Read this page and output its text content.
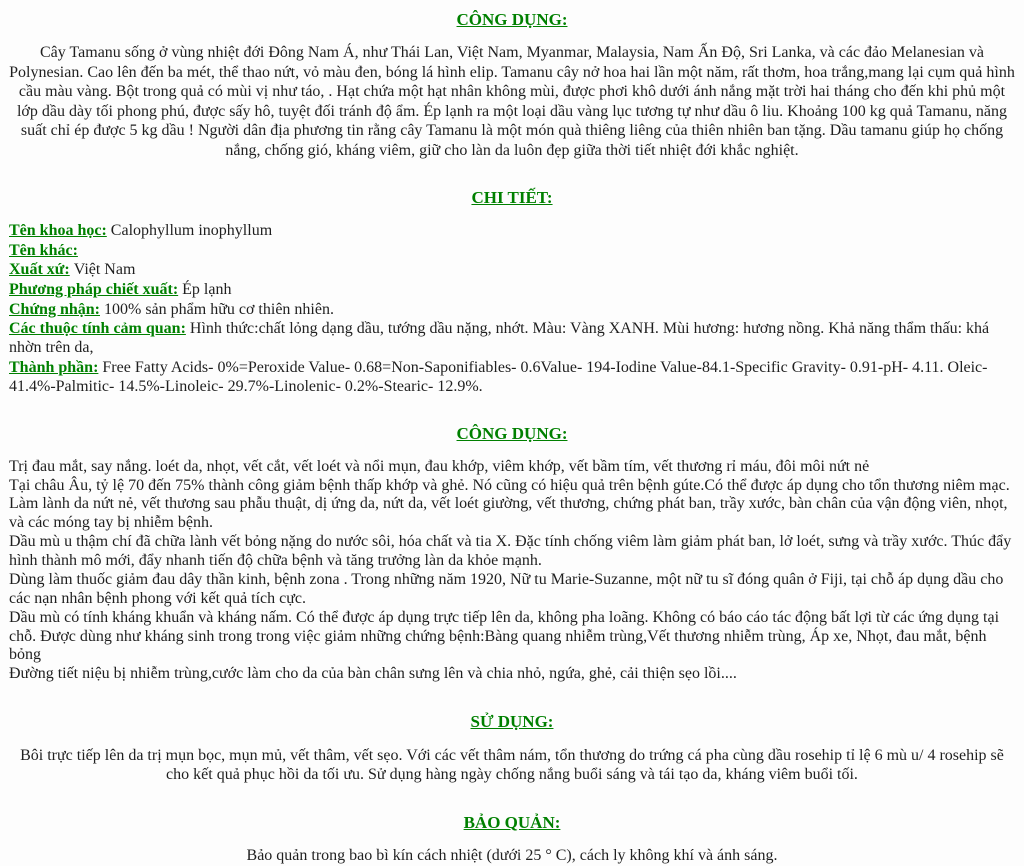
CÔNG DỤNG:

Cây Tamanu sống ở vùng nhiệt đới Đông Nam Á, như Thái Lan, Việt Nam, Myanmar, Malaysia, Nam Ấn Độ, Sri Lanka, và các đảo Melanesian và Polynesian. Cao lên đến ba mét, thể thao nứt, vỏ màu đen, bóng lá hình elip. Tamanu cây nở hoa hai lần một năm, rất thơm, hoa trắng,mang lại cụm quả hình cầu màu vàng. Bột trong quả có mùi vị như táo, . Hạt chứa một hạt nhân không mùi, được phơi khô dưới ánh nắng mặt trời hai tháng cho đến khi phủ một lớp dầu dày tối phong phú, được sấy hô, tuyệt đối tránh độ ẩm. Ép lạnh ra một loại dầu vàng lục tương tự như dầu ô liu. Khoảng 100 kg quả Tamanu, năng suất chỉ ép được 5 kg dầu ! Người dân địa phương tin rằng cây Tamanu là một món quà thiêng liêng của thiên nhiên ban tặng. Dầu tamanu giúp họ chống nắng, chống gió, kháng viêm, giữ cho làn da luôn đẹp giữa thời tiết nhiệt đới khắc nghiệt.

CHI TIẾT:
Tên khoa học: Calophyllum inophyllum
Tên khác:
Xuất xứ: Việt Nam
Phương pháp chiết xuất: Ép lạnh
Chứng nhận: 100% sản phẩm hữu cơ thiên nhiên.
Các thuộc tính cảm quan: Hình thức:chất lỏng dạng dầu, tướng dầu nặng, nhớt. Màu: Vàng XANH. Mùi hương: hương nồng. Khả năng thẩm thấu: khá nhờn trên da,
Thành phần: Free Fatty Acids- 0%=Peroxide Value- 0.68=Non-Saponifiables- 0.6Value- 194-Iodine Value-84.1-Specific Gravity- 0.91-pH- 4.11. Oleic- 41.4%-Palmitic- 14.5%-Linoleic- 29.7%-Linolenic- 0.2%-Stearic- 12.9%.
CÔNG DỤNG:
Trị đau mắt, say nắng. loét da, nhọt, vết cắt, vết loét và nổi mụn, đau khớp, viêm khớp, vết bầm tím, vết thương rỉ máu, đôi môi nứt nẻ
Tại châu Âu, tỷ lệ 70 đến 75% thành công giảm bệnh thấp khớp và ghẻ. Nó cũng có hiệu quả trên bệnh gúte.Có thể được áp dụng cho tổn thương niêm mạc. Làm lành da nứt nẻ, vết thương sau phẫu thuật, dị ứng da, nứt da, vết loét giường, vết thương, chứng phát ban, trầy xước, bàn chân của vận động viên, nhọt, và các móng tay bị nhiễm bệnh.
Dầu mù u thậm chí đã chữa lành vết bỏng nặng do nước sôi, hóa chất và tia X. Đặc tính chống viêm làm giảm phát ban, lở loét, sưng và trầy xước. Thúc đẩy hình thành mô mới, đẩy nhanh tiến độ chữa bệnh và tăng trưởng làn da khỏe mạnh.
Dùng làm thuốc giảm đau dây thần kinh, bệnh zona . Trong những năm 1920, Nữ tu Marie-Suzanne, một nữ tu sĩ đóng quân ở Fiji, tại chỗ áp dụng dầu cho các nạn nhân bệnh phong với kết quả tích cực.
Dầu mù có tính kháng khuẩn và kháng nấm. Có thể được áp dụng trực tiếp lên da, không pha loãng. Không có báo cáo tác động bất lợi từ các ứng dụng tại chỗ. Được dùng như kháng sinh trong trong việc giảm những chứng bệnh:Bàng quang nhiễm trùng,Vết thương nhiễm trùng, Áp xe, Nhọt, đau mắt, bệnh bỏng
Đường tiết niệu bị nhiễm trùng,cước làm cho da của bàn chân sưng lên và chia nhỏ, ngứa, ghẻ, cải thiện sẹo lồi....
SỬ DỤNG:

Bôi trực tiếp lên da trị mụn bọc, mụn mủ, vết thâm, vết sẹo. Với các vết thâm nám, tổn thương do trứng cá pha cùng dầu rosehip tỉ lệ 6 mù u/ 4 rosehip sẽ cho kết quả phục hồi da tối ưu. Sử dụng hàng ngày chống nắng buổi sáng và tái tạo da, kháng viêm buổi tối.

BẢO QUẢN:

Bảo quản trong bao bì kín cách nhiệt (dưới 25 ° C), cách ly không khí và ánh sáng.
